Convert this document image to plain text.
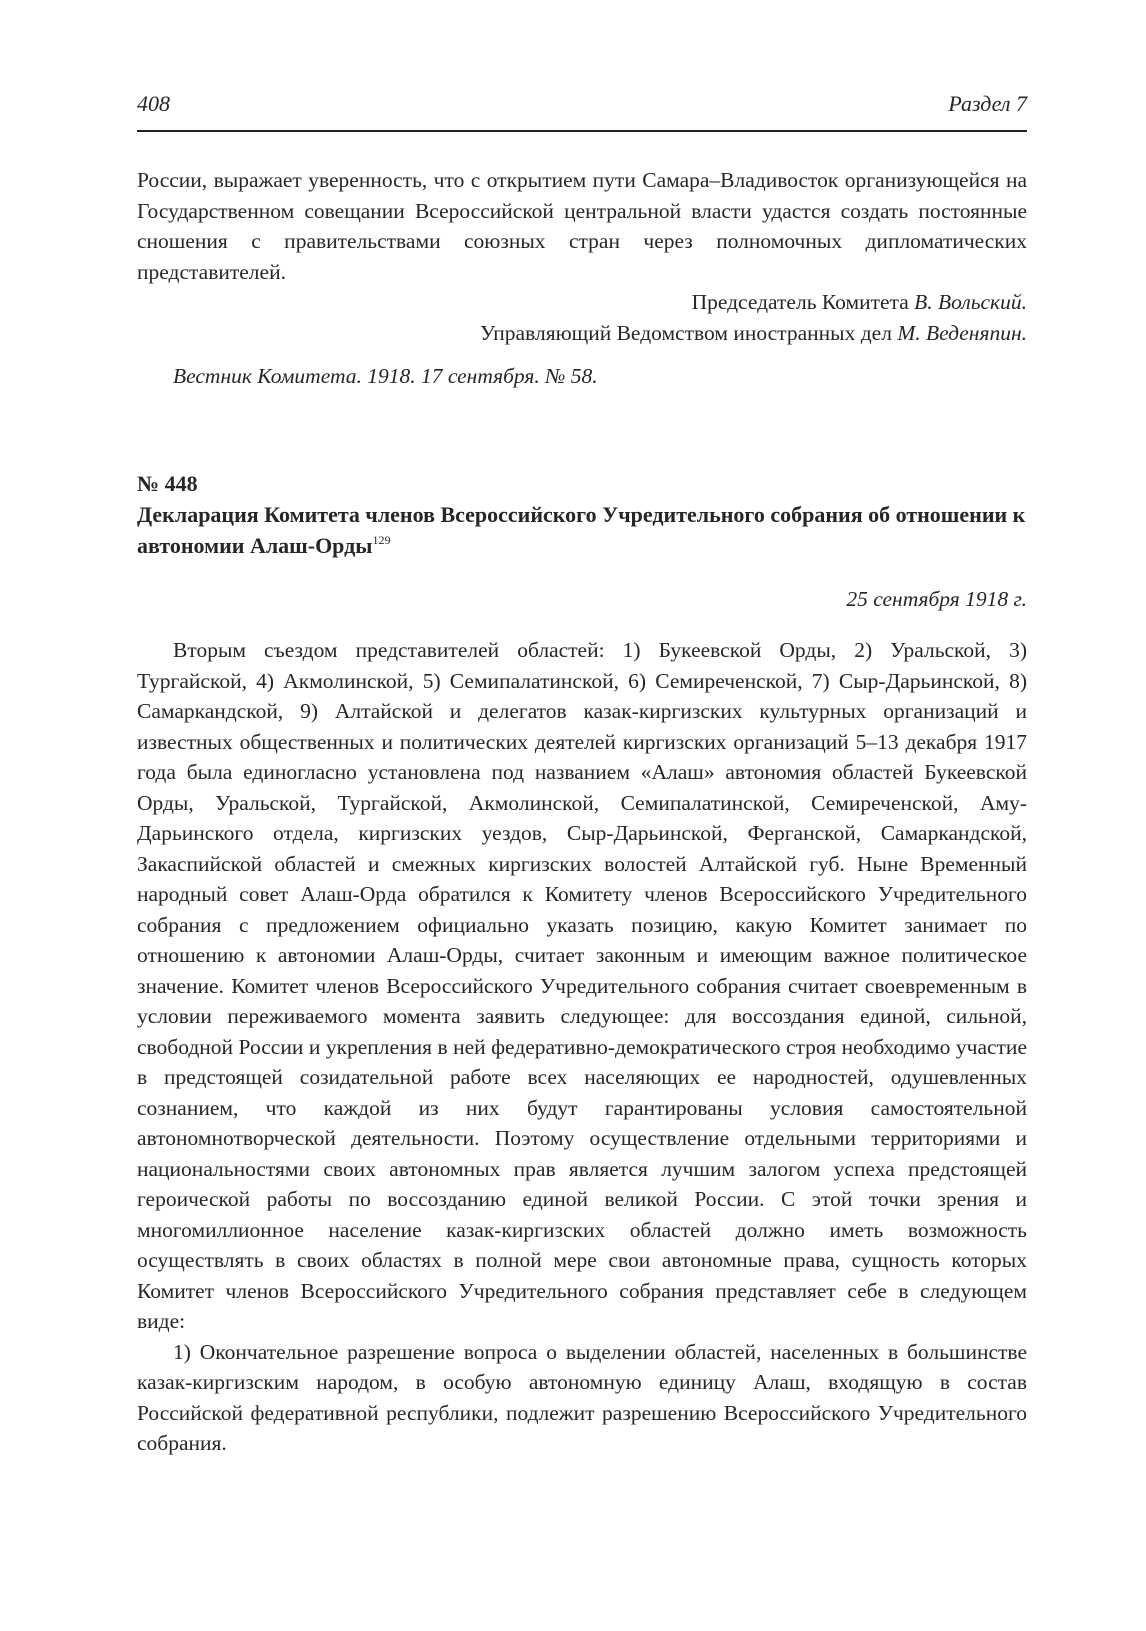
408	Раздел 7

России, выражает уверенность, что с открытием пути Самара–Владивосток организующейся на Государственном совещании Всероссийской центральной власти удастся создать постоянные сношения с правительствами союзных стран через полномочных дипломатических представителей.

Председатель Комитета В. Вольский.

Управляющий Ведомством иностранных дел М. Веденяпин.

Вестник Комитета. 1918. 17 сентября. № 58.
№ 448

Декларация Комитета членов Всероссийского Учредительного собрания об отношении к автономии Алаш-Орды$^{129}$

25 сентября 1918 г.

Вторым съездом представителей областей: 1) Букеевской Орды, 2) Уральской, 3) Тургайской, 4) Акмолинской, 5) Семипалатинской, 6) Семиреченской, 7) Сыр-Дарьинской, 8) Самаркандской, 9) Алтайской и делегатов казак-киргизских культурных организаций и известных общественных и политических деятелей киргизских организаций 5–13 декабря 1917 года была единогласно установлена под названием «Алаш» автономия областей Букеевской Орды, Уральской, Тургайской, Акмолинской, Семипалатинской, Семиреченской, Аму-Дарьинского отдела, киргизских уездов, Сыр-Дарьинской, Ферганской, Самаркандской, Закаспийской областей и смежных киргизских волостей Алтайской губ. Ныне Временный народный совет Алаш-Орда обратился к Комитету членов Всероссийского Учредительного собрания с предложением официально указать позицию, какую Комитет занимает по отношению к автономии Алаш-Орды, считает законным и имеющим важное политическое значение. Комитет членов Всероссийского Учредительного собрания считает своевременным в условии переживаемого момента заявить следующее: для воссоздания единой, сильной, свободной России и укрепления в ней федеративно-демократического строя необходимо участие в предстоящей созидательной работе всех населяющих ее народностей, одушевленных сознанием, что каждой из них будут гарантированы условия самостоятельной автономнотворческой деятельности. Поэтому осуществление отдельными территориями и национальностями своих автономных прав является лучшим залогом успеха предстоящей героической работы по воссозданию единой великой России. С этой точки зрения и многомиллионное население казак-киргизских областей должно иметь возможность осуществлять в своих областях в полной мере свои автономные права, сущность которых Комитет членов Всероссийского Учредительного собрания представляет себе в следующем виде:

1) Окончательное разрешение вопроса о выделении областей, населенных в большинстве казак-киргизским народом, в особую автономную единицу Алаш, входящую в состав Российской федеративной республики, подлежит разрешению Всероссийского Учредительного собрания.
